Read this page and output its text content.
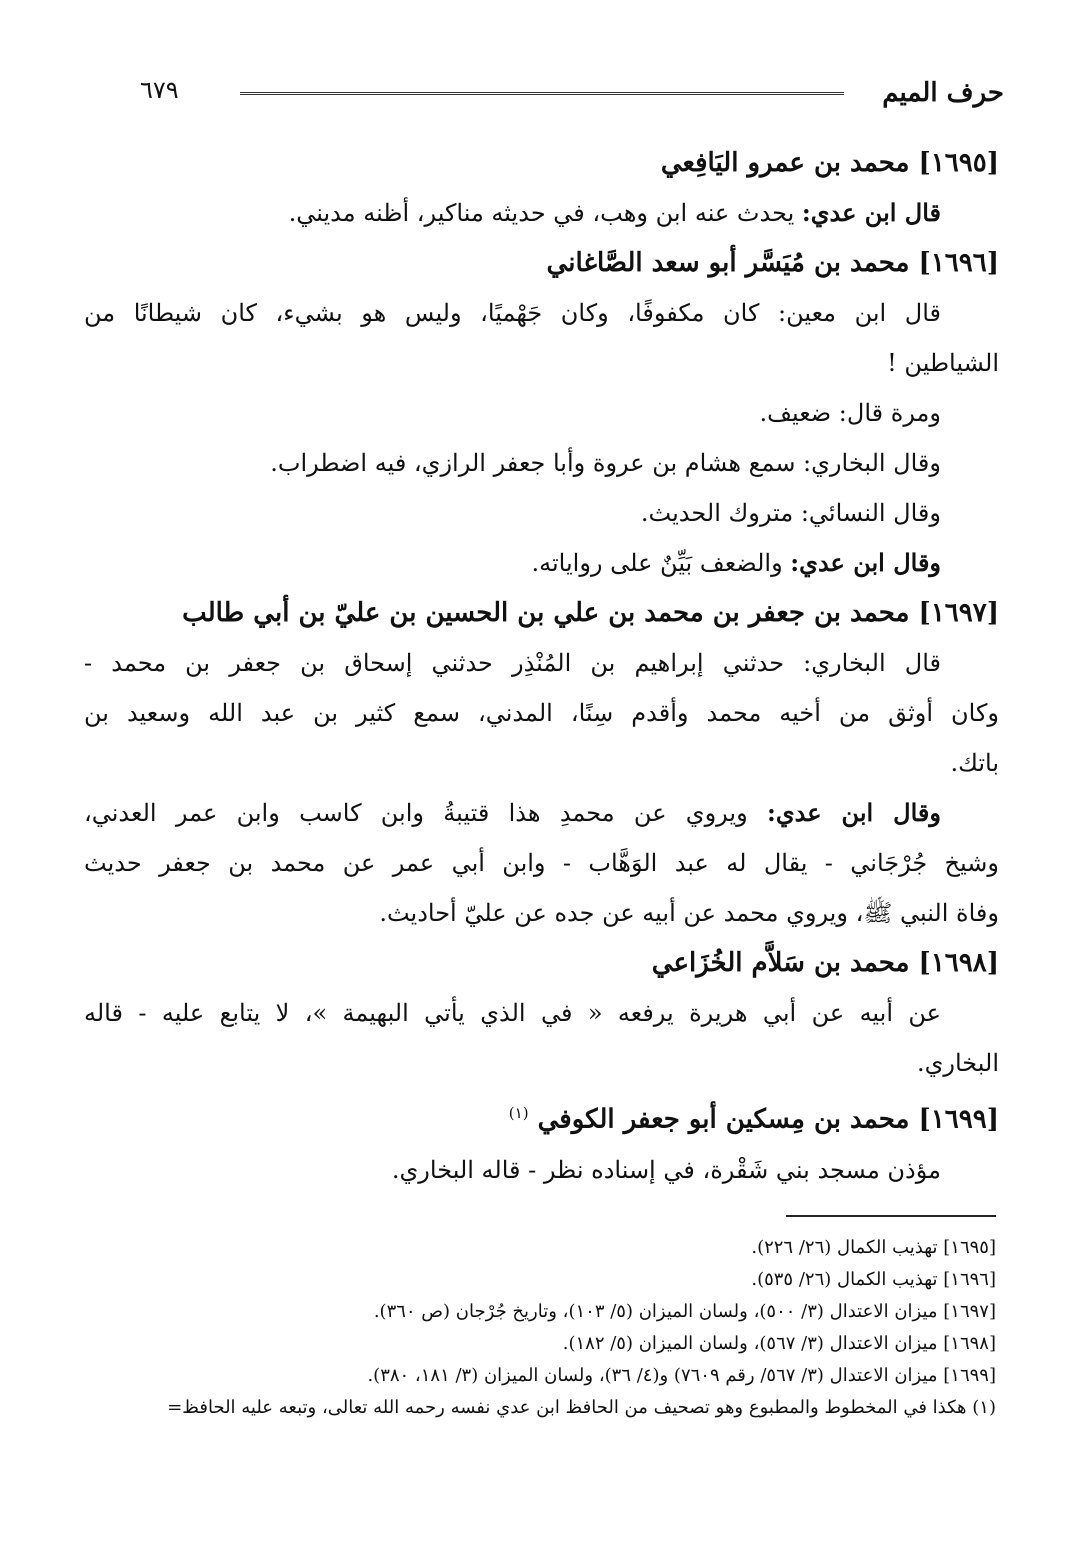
حرف الميم
٦٧٩
[١٦٩٥] محمد بن عمرو اليَافِعي

قال ابن عدي: يحدث عنه ابن وهب، في حديثه مناكير، أظنه مديني.

[١٦٩٦] محمد بن مُيَسَّر أبو سعد الصَّاغاني

قال ابن معين: كان مكفوفًا، وكان جَهْميًا، وليس هو بشيء، كان شيطانًا من

الشياطين !

ومرة قال: ضعيف.

وقال البخاري: سمع هشام بن عروة وأبا جعفر الرازي، فيه اضطراب.

وقال النسائي: متروك الحديث.

وقال ابن عدي: والضعف بَيِّنٌ على رواياته.

[١٦٩٧] محمد بن جعفر بن محمد بن علي بن الحسين بن عليّ بن أبي طالب

قال البخاري: حدثني إبراهيم بن المُنْذِر حدثني إسحاق بن جعفر بن محمد -

وكان أوثق من أخيه محمد وأقدم سِنًا، المدني، سمع كثير بن عبد الله وسعيد بن

باتك.

وقال ابن عدي: ويروي عن محمدِ هذا قتيبةُ وابن كاسب وابن عمر العدني،

وشيخ جُرْجَاني - يقال له عبد الوَهَّاب - وابن أبي عمر عن محمد بن جعفر حديث

وفاة النبي ﷺ، ويروي محمد عن أبيه عن جده عن عليّ أحاديث.

[١٦٩٨] محمد بن سَلاَّم الخُزَاعي

عن أبيه عن أبي هريرة يرفعه « في الذي يأتي البهيمة »، لا يتابع عليه - قاله

البخاري.

[١٦٩٩] محمد بن مِسكين أبو جعفر الكوفي $^{(١)}$

مؤذن مسجد بني شَقْرة، في إسناده نظر - قاله البخاري.

[١٦٩٥] تهذيب الكمال (٢٦/ ٢٢٦).

[١٦٩٦] تهذيب الكمال (٢٦/ ٥٣٥).

[١٦٩٧] ميزان الاعتدال (٣/ ٥٠٠)، ولسان الميزان (٥/ ١٠٣)، وتاريخ جُرْجان (ص ٣٦٠).

[١٦٩٨] ميزان الاعتدال (٣/ ٥٦٧)، ولسان الميزان (٥/ ١٨٢).

[١٦٩٩] ميزان الاعتدال (٣/ ٥٦٧/ رقم ٧٦٠٩) و(٤/ ٣٦)، ولسان الميزان (٣/ ١٨١، ٣٨٠).

(١) هكذا في المخطوط والمطبوع وهو تصحيف من الحافظ ابن عدي نفسه رحمه الله تعالى، وتبعه عليه الحافظ=
